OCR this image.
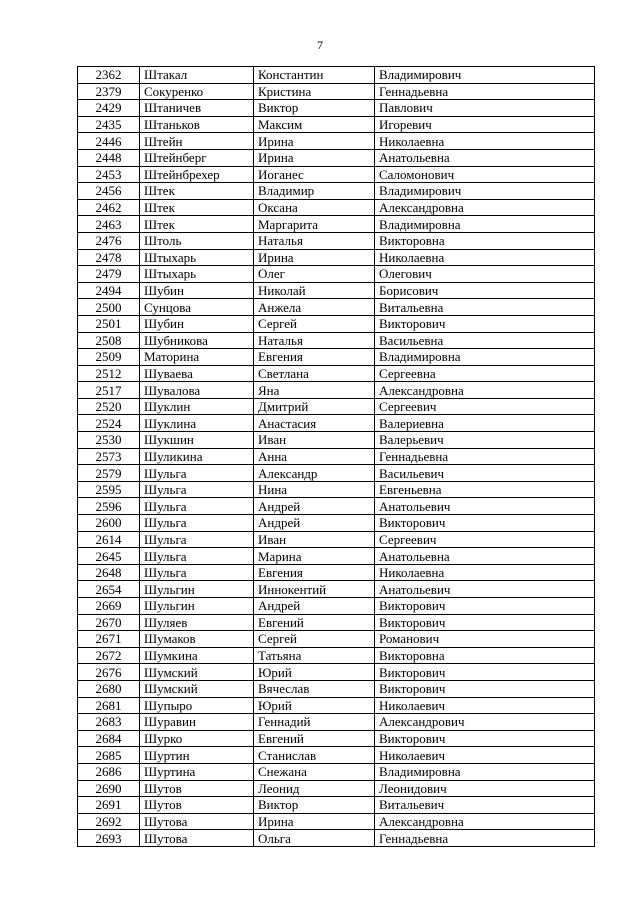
7
2362	Штакал	Константин	Владимирович
2379	Сокуренко	Кристина	Геннадьевна
2429	Штаничев	Виктор	Павлович
2435	Штаньков	Максим	Игоревич
2446	Штейн	Ирина	Николаевна
2448	Штейнберг	Ирина	Анатольевна
2453	Штейнбрехер	Иоганес	Саломонович
2456	Штек	Владимир	Владимирович
2462	Штек	Оксана	Александровна
2463	Штек	Маргарита	Владимировна
2476	Штоль	Наталья	Викторовна
2478	Штыхарь	Ирина	Николаевна
2479	Штыхарь	Олег	Олегович
2494	Шубин	Николай	Борисович
2500	Сунцова	Анжела	Витальевна
2501	Шубин	Сергей	Викторович
2508	Шубникова	Наталья	Васильевна
2509	Маторина	Евгения	Владимировна
2512	Шуваева	Светлана	Сергеевна
2517	Шувалова	Яна	Александровна
2520	Шуклин	Дмитрий	Сергеевич
2524	Шуклина	Анастасия	Валериевна
2530	Шукшин	Иван	Валерьевич
2573	Шуликина	Анна	Геннадьевна
2579	Шульга	Александр	Васильевич
2595	Шульга	Нина	Евгеньевна
2596	Шульга	Андрей	Анатольевич
2600	Шульга	Андрей	Викторович
2614	Шульга	Иван	Сергеевич
2645	Шульга	Марина	Анатольевна
2648	Шульга	Евгения	Николаевна
2654	Шульгин	Иннокентий	Анатольевич
2669	Шульгин	Андрей	Викторович
2670	Шуляев	Евгений	Викторович
2671	Шумаков	Сергей	Романович
2672	Шумкина	Татьяна	Викторовна
2676	Шумский	Юрий	Викторович
2680	Шумский	Вячеслав	Викторович
2681	Шупыро	Юрий	Николаевич
2683	Шуравин	Геннадий	Александрович
2684	Шурко	Евгений	Викторович
2685	Шуртин	Станислав	Николаевич
2686	Шуртина	Снежана	Владимировна
2690	Шутов	Леонид	Леонидович
2691	Шутов	Виктор	Витальевич
2692	Шутова	Ирина	Александровна
2693	Шутова	Ольга	Геннадьевна
